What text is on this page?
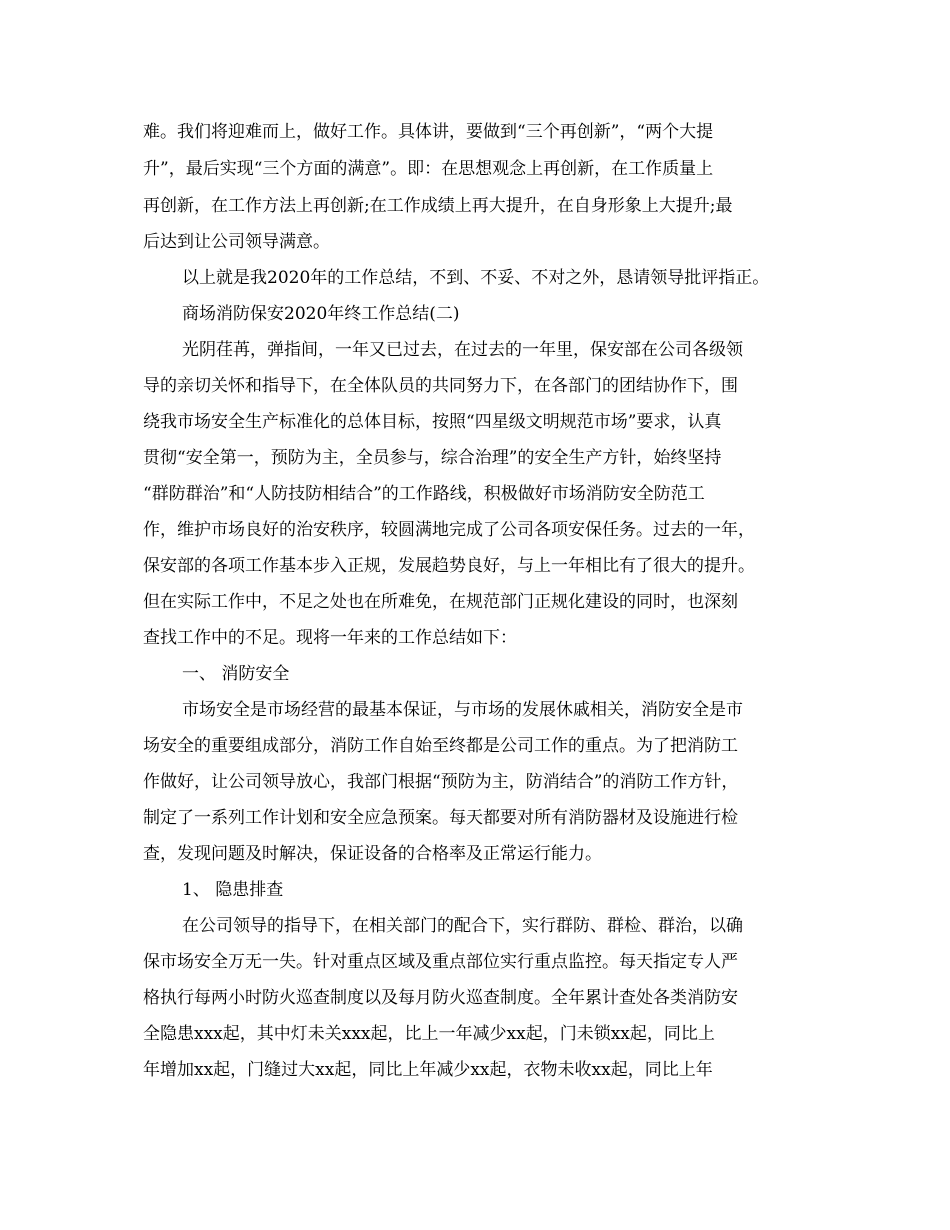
难。我们将迎难而上，做好工作。具体讲，要做到“三个再创新”，“两个大提
升”，最后实现“三个方面的满意”。即：在思想观念上再创新，在工作质量上
再创新，在工作方法上再创新;在工作成绩上再大提升，在自身形象上大提升;最
后达到让公司领导满意。
以上就是我2020年的工作总结，不到、不妥、不对之外，恳请领导批评指正。
商场消防保安2020年终工作总结(二)
光阴荏苒，弹指间，一年又已过去，在过去的一年里，保安部在公司各级领
导的亲切关怀和指导下，在全体队员的共同努力下，在各部门的团结协作下，围
绕我市场安全生产标准化的总体目标，按照“四星级文明规范市场”要求，认真
贯彻“安全第一，预防为主，全员参与，综合治理”的安全生产方针，始终坚持
“群防群治”和“人防技防相结合”的工作路线，积极做好市场消防安全防范工
作，维护市场良好的治安秩序，较圆满地完成了公司各项安保任务。过去的一年，
保安部的各项工作基本步入正规，发展趋势良好，与上一年相比有了很大的提升。
但在实际工作中，不足之处也在所难免，在规范部门正规化建设的同时，也深刻
查找工作中的不足。现将一年来的工作总结如下：
一、 消防安全
市场安全是市场经营的最基本保证，与市场的发展休戚相关，消防安全是市
场安全的重要组成部分，消防工作自始至终都是公司工作的重点。为了把消防工
作做好，让公司领导放心，我部门根据“预防为主，防消结合”的消防工作方针，
制定了一系列工作计划和安全应急预案。每天都要对所有消防器材及设施进行检
查，发现问题及时解决，保证设备的合格率及正常运行能力。
1、 隐患排查
在公司领导的指导下，在相关部门的配合下，实行群防、群检、群治，以确
保市场安全万无一失。针对重点区域及重点部位实行重点监控。每天指定专人严
格执行每两小时防火巡查制度以及每月防火巡查制度。全年累计查处各类消防安
全隐患xxx起，其中灯未关xxx起，比上一年减少xx起，门未锁xx起，同比上
年增加xx起，门缝过大xx起，同比上年减少xx起，衣物未收xx起，同比上年
